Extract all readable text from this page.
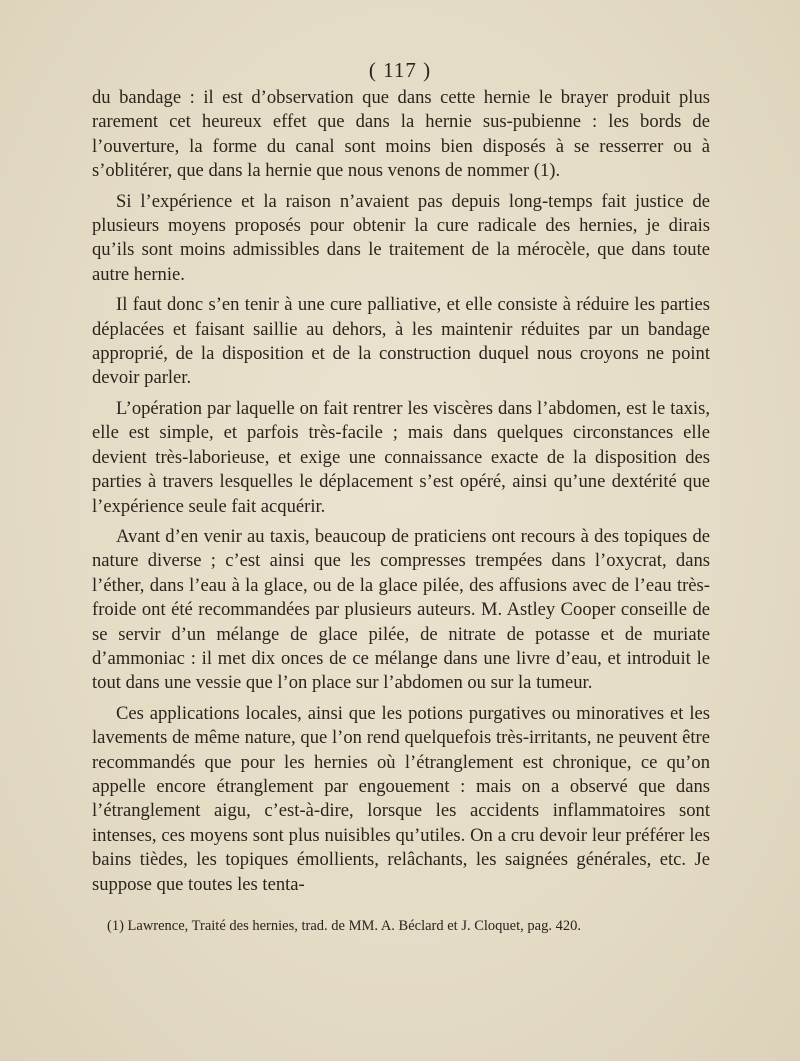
( 117 )

du bandage : il est d’observation que dans cette hernie le brayer produit plus rarement cet heureux effet que dans la hernie sus-pubienne : les bords de l’ouverture, la forme du canal sont moins bien disposés à se resserrer ou à s’oblitérer, que dans la hernie que nous venons de nommer (1).

Si l’expérience et la raison n’avaient pas depuis long-temps fait justice de plusieurs moyens proposés pour obtenir la cure radicale des hernies, je dirais qu’ils sont moins admissibles dans le traitement de la mérocèle, que dans toute autre hernie.

Il faut donc s’en tenir à une cure palliative, et elle consiste à réduire les parties déplacées et faisant saillie au dehors, à les maintenir réduites par un bandage approprié, de la disposition et de la construction duquel nous croyons ne point devoir parler.

L’opération par laquelle on fait rentrer les viscères dans l’abdomen, est le taxis, elle est simple, et parfois très-facile ; mais dans quelques circonstances elle devient très-laborieuse, et exige une connaissance exacte de la disposition des parties à travers lesquelles le déplacement s’est opéré, ainsi qu’une dextérité que l’expérience seule fait acquérir.

Avant d’en venir au taxis, beaucoup de praticiens ont recours à des topiques de nature diverse ; c’est ainsi que les compresses trempées dans l’oxycrat, dans l’éther, dans l’eau à la glace, ou de la glace pilée, des affusions avec de l’eau très-froide ont été recommandées par plusieurs auteurs. M. Astley Cooper conseille de se servir d’un mélange de glace pilée, de nitrate de potasse et de muriate d’ammoniac : il met dix onces de ce mélange dans une livre d’eau, et introduit le tout dans une vessie que l’on place sur l’abdomen ou sur la tumeur.

Ces applications locales, ainsi que les potions purgatives ou minoratives et les lavements de même nature, que l’on rend quelquefois très-irritants, ne peuvent être recommandés que pour les hernies où l’étranglement est chronique, ce qu’on appelle encore étranglement par engouement : mais on a observé que dans l’étranglement aigu, c’est-à-dire, lorsque les accidents inflammatoires sont intenses, ces moyens sont plus nuisibles qu’utiles. On a cru devoir leur préférer les bains tièdes, les topiques émollients, relâchants, les saignées générales, etc. Je suppose que toutes les tenta-

(1) Lawrence, Traité des hernies, trad. de MM. A. Béclard et J. Cloquet, pag. 420.
